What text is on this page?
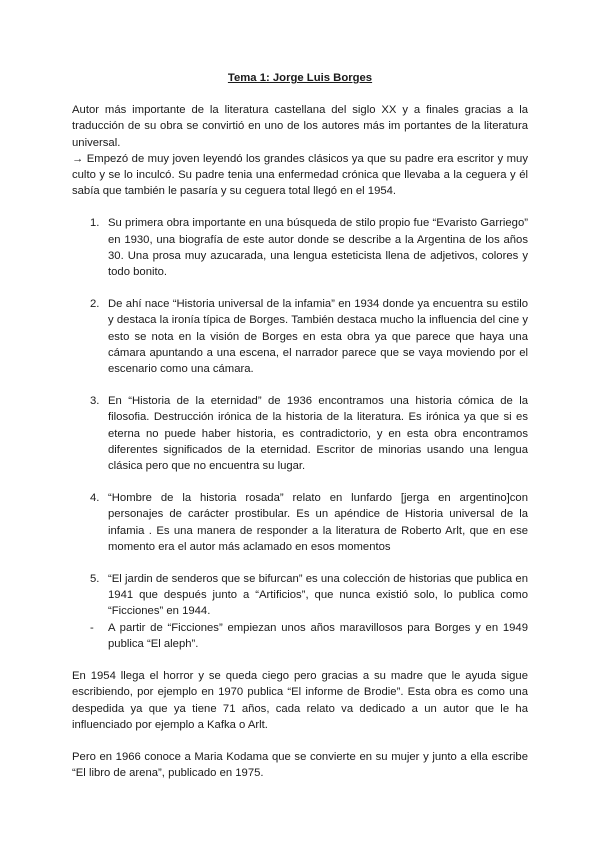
Tema 1: Jorge Luis Borges

Autor más importante de la literatura castellana del siglo XX y a finales gracias a la traducción de su obra se convirtió en uno de los autores más im portantes de la literatura universal.

→ Empezó de muy joven leyendó los grandes clásicos ya que su padre era escritor y muy culto y se lo inculcó. Su padre tenia una enfermedad crónica que llevaba a la ceguera y él sabía que también le pasaría y su ceguera total llegó en el 1954.

1. Su primera obra importante en una búsqueda de stilo propio fue “Evaristo Garriego” en 1930, una biografía de este autor donde se describe a la Argentina de los años 30. Una prosa muy azucarada, una lengua esteticista llena de adjetivos, colores y todo bonito.
2. De ahí nace “Historia universal de la infamia” en 1934 donde ya encuentra su estilo y destaca la ironía típica de Borges. También destaca mucho la influencia del cine y esto se nota en la visión de Borges en esta obra ya que parece que haya una cámara apuntando a una escena, el narrador parece que se vaya moviendo por el escenario como una cámara.
3. En “Historia de la eternidad” de 1936 encontramos una historia cómica de la filosofia. Destrucción irónica de la historia de la literatura. Es irónica ya que si es eterna no puede haber historia, es contradictorio, y en esta obra encontramos diferentes significados de la eternidad. Escritor de minorias usando una lengua clásica pero que no encuentra su lugar.
4. “Hombre de la historia rosada” relato en lunfardo [jerga en argentino]con personajes de carácter prostibular. Es un apéndice de Historia universal de la infamia . Es una manera de responder a la literatura de Roberto Arlt, que en ese momento era el autor más aclamado en esos momentos
5. “El jardin de senderos que se bifurcan” es una colección de historias que publica en 1941 que después junto a “Artificios”, que nunca existió solo, lo publica como “Ficciones” en 1944.
- A partir de “Ficciones” empiezan unos años maravillosos para Borges y en 1949 publica “El aleph”.

En 1954 llega el horror y se queda ciego pero gracias a su madre que le ayuda sigue escribiendo, por ejemplo en 1970 publica “El informe de Brodie”. Esta obra es como una despedida ya que ya tiene 71 años, cada relato va dedicado a un autor que le ha influenciado por ejemplo a Kafka o Arlt.

Pero en 1966 conoce a Maria Kodama que se convierte en su mujer y junto a ella escribe “El libro de arena”, publicado en 1975.
